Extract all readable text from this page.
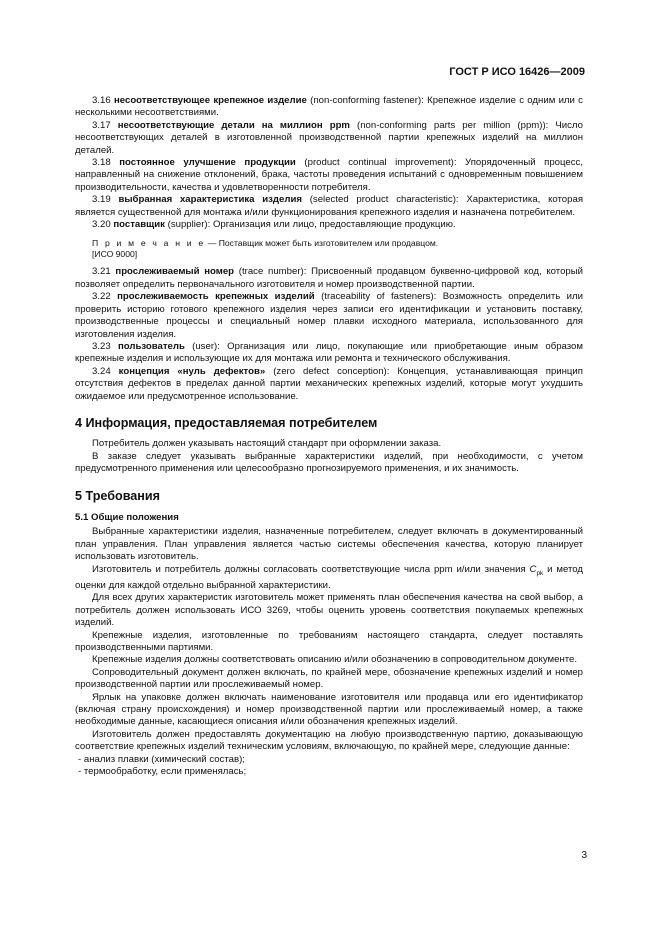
ГОСТ Р ИСО 16426—2009

3.16 несоответствующее крепежное изделие (non-conforming fastener): Крепежное изделие с одним или с несколькими несоответствиями.

3.17 несоответствующие детали на миллион ppm (non-conforming parts per million (ppm)): Число несоответствующих деталей в изготовленной производственной партии крепежных изделий на миллион деталей.

3.18 постоянное улучшение продукции (product continual improvement): Упорядоченный процесс, направленный на снижение отклонений, брака, частоты проведения испытаний с одновременным повышением производительности, качества и удовлетворенности потребителя.

3.19 выбранная характеристика изделия (selected product characteristic): Характеристика, которая является существенной для монтажа и/или функционирования крепежного изделия и назначена потребителем.

3.20 поставщик (supplier): Организация или лицо, предоставляющие продукцию.

П р и м е ч а н и е — Поставщик может быть изготовителем или продавцом.

[ИСО 9000]

3.21 прослеживаемый номер (trace number): Присвоенный продавцом буквенно-цифровой код, который позволяет определить первоначального изготовителя и номер производственной партии.

3.22 прослеживаемость крепежных изделий (traceability of fasteners): Возможность определить или проверить историю готового крепежного изделия через записи его идентификации и установить поставку, производственные процессы и специальный номер плавки исходного материала, использованного для изготовления изделия.

3.23 пользователь (user): Организация или лицо, покупающие или приобретающие иным образом крепежные изделия и использующие их для монтажа или ремонта и технического обслуживания.

3.24 концепция «нуль дефектов» (zero defect conception): Концепция, устанавливающая принцип отсутствия дефектов в пределах данной партии механических крепежных изделий, которые могут ухудшить ожидаемое или предусмотренное использование.

4 Информация, предоставляемая потребителем

Потребитель должен указывать настоящий стандарт при оформлении заказа.

В заказе следует указывать выбранные характеристики изделий, при необходимости, с учетом предусмотренного применения или целесообразно прогнозируемого применения, и их значимость.

5 Требования
5.1 Общие положения

Выбранные характеристики изделия, назначенные потребителем, следует включать в документированный план управления. План управления является частью системы обеспечения качества, которую планирует использовать изготовитель.

Изготовитель и потребитель должны согласовать соответствующие числа ppm и/или значения $C_{pk}$ и метод оценки для каждой отдельно выбранной характеристики.

Для всех других характеристик изготовитель может применять план обеспечения качества на свой выбор, а потребитель должен использовать ИСО 3269, чтобы оценить уровень соответствия покупаемых крепежных изделий.

Крепежные изделия, изготовленные по требованиям настоящего стандарта, следует поставлять производственными партиями.

Крепежные изделия должны соответствовать описанию и/или обозначению в сопроводительном документе.

Сопроводительный документ должен включать, по крайней мере, обозначение крепежных изделий и номер производственной партии или прослеживаемый номер.

Ярлык на упаковке должен включать наименование изготовителя или продавца или его идентификатор (включая страну происхождения) и номер производственной партии или прослеживаемый номер, а также необходимые данные, касающиеся описания и/или обозначения крепежных изделий.

Изготовитель должен предоставлять документацию на любую производственную партию, доказывающую соответствие крепежных изделий техническим условиям, включающую, по крайней мере, следующие данные:

- анализ плавки (химический состав);
- термообработку, если применялась;
3
